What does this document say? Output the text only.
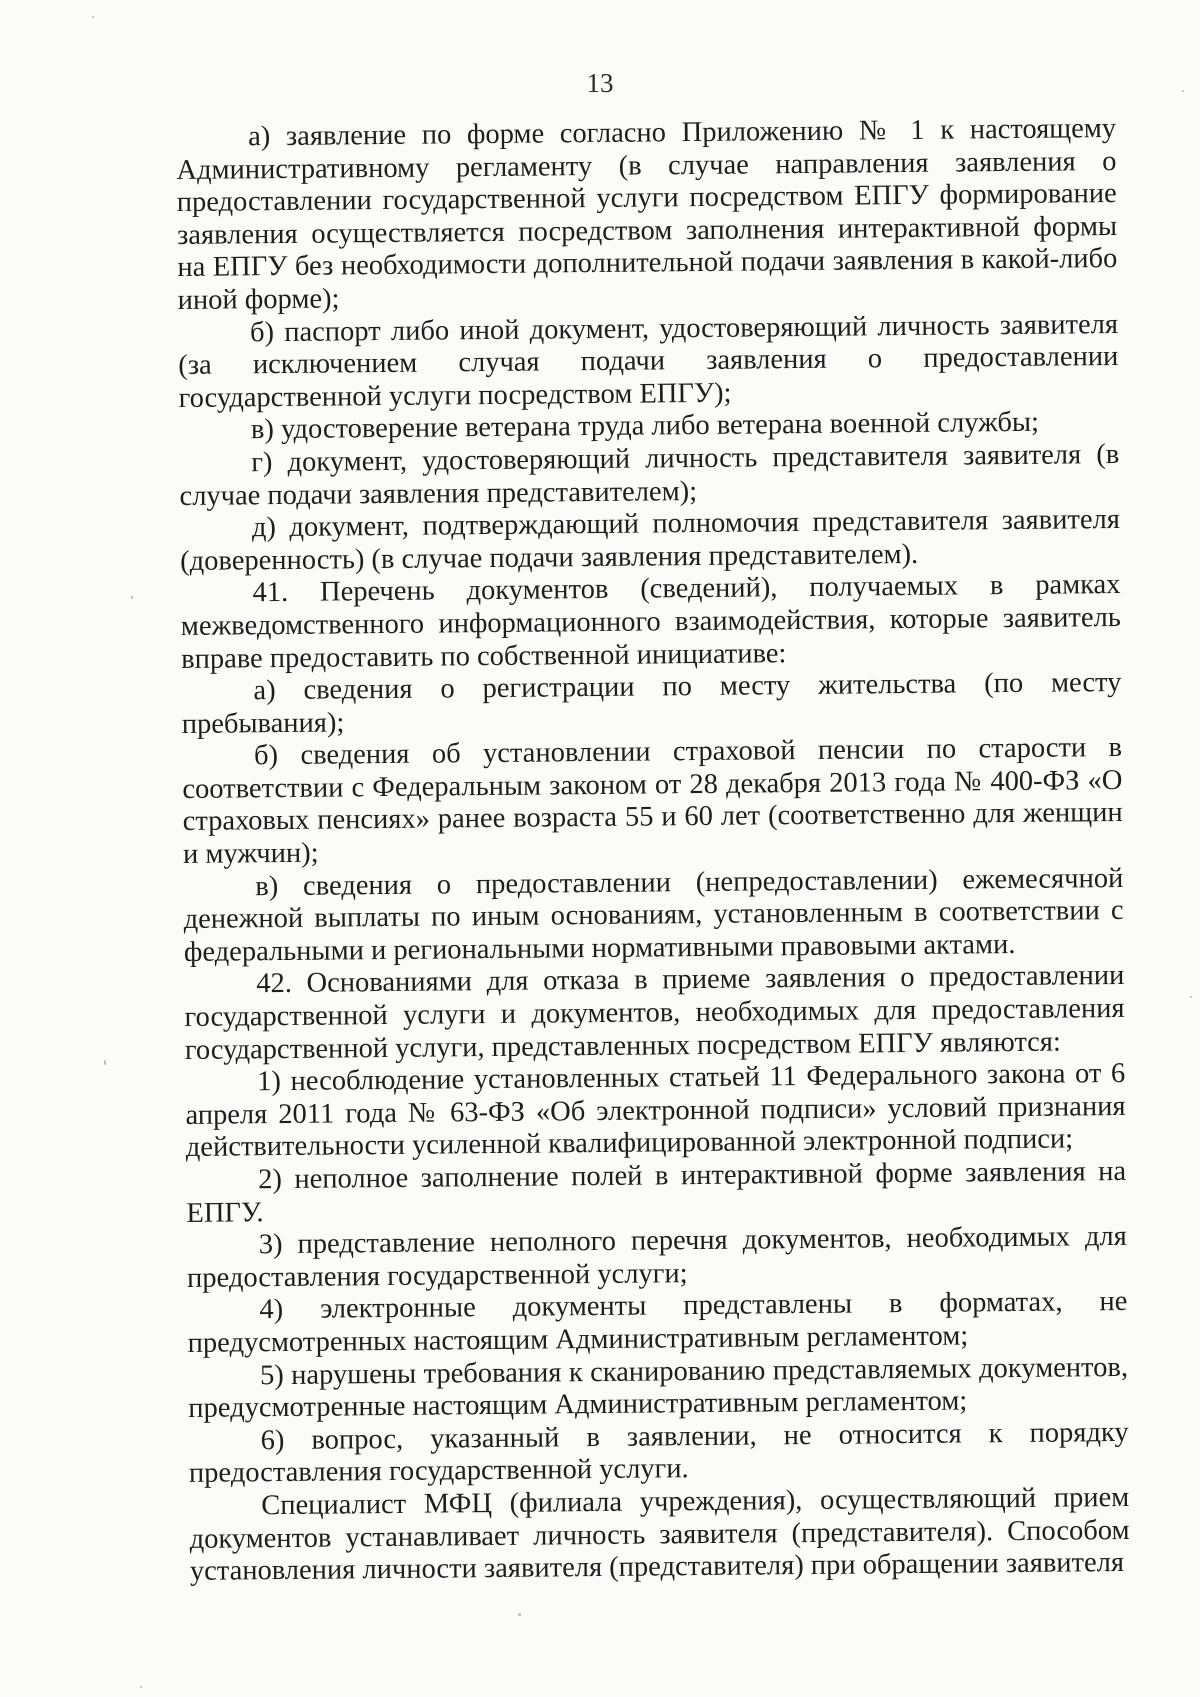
13

а) заявление по форме согласно Приложению № 1 к настоящему Административному регламенту (в случае направления заявления о предоставлении государственной услуги посредством ЕПГУ формирование заявления осуществляется посредством заполнения интерактивной формы на ЕПГУ без необходимости дополнительной подачи заявления в какой-либо иной форме);

б) паспорт либо иной документ, удостоверяющий личность заявителя (за исключением случая подачи заявления о предоставлении государственной услуги посредством ЕПГУ);

в) удостоверение ветерана труда либо ветерана военной службы;

г) документ, удостоверяющий личность представителя заявителя (в случае подачи заявления представителем);

д) документ, подтверждающий полномочия представителя заявителя (доверенность) (в случае подачи заявления представителем).

41. Перечень документов (сведений), получаемых в рамках межведомственного информационного взаимодействия, которые заявитель вправе предоставить по собственной инициативе:

а) сведения о регистрации по месту жительства (по месту пребывания);

б) сведения об установлении страховой пенсии по старости в соответствии с Федеральным законом от 28 декабря 2013 года № 400-ФЗ «О страховых пенсиях» ранее возраста 55 и 60 лет (соответственно для женщин и мужчин);

в) сведения о предоставлении (непредоставлении) ежемесячной денежной выплаты по иным основаниям, установленным в соответствии с федеральными и региональными нормативными правовыми актами.

42. Основаниями для отказа в приеме заявления о предоставлении государственной услуги и документов, необходимых для предоставления государственной услуги, представленных посредством ЕПГУ являются:

1) несоблюдение установленных статьей 11 Федерального закона от 6 апреля 2011 года № 63-ФЗ «Об электронной подписи» условий признания действительности усиленной квалифицированной электронной подписи;

2) неполное заполнение полей в интерактивной форме заявления на ЕПГУ.

3) представление неполного перечня документов, необходимых для предоставления государственной услуги;

4) электронные документы представлены в форматах, не предусмотренных настоящим Административным регламентом;

5) нарушены требования к сканированию представляемых документов, предусмотренные настоящим Административным регламентом;

6) вопрос, указанный в заявлении, не относится к порядку предоставления государственной услуги.

Специалист МФЦ (филиала учреждения), осуществляющий прием документов устанавливает личность заявителя (представителя). Способом установления личности заявителя (представителя) при обращении заявителя
